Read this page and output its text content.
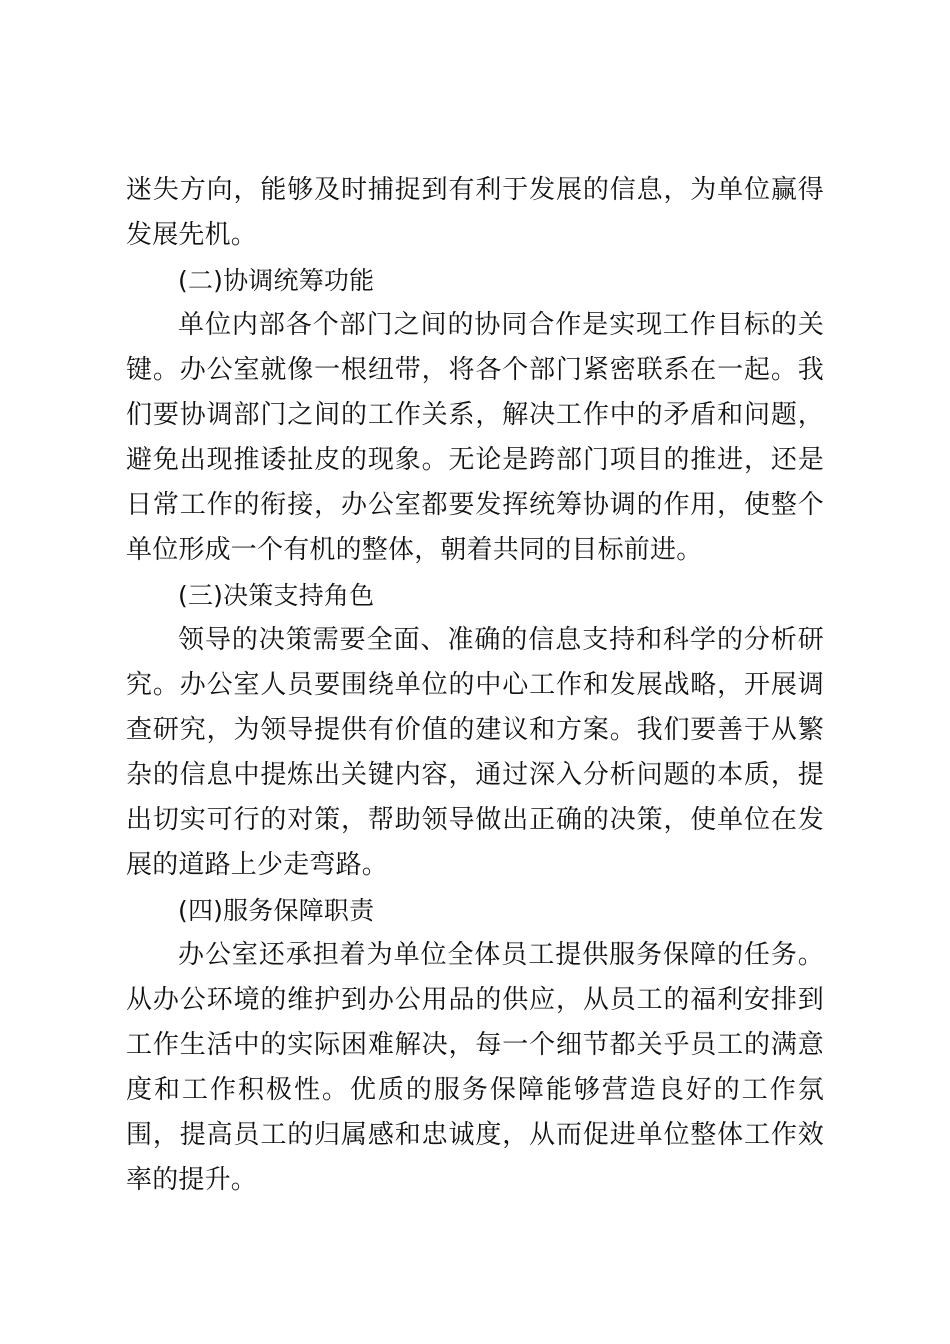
迷失方向，能够及时捕捉到有利于发展的信息，为单位赢得发展先机。

(二)协调统筹功能

单位内部各个部门之间的协同合作是实现工作目标的关键。办公室就像一根纽带，将各个部门紧密联系在一起。我们要协调部门之间的工作关系，解决工作中的矛盾和问题，避免出现推诿扯皮的现象。无论是跨部门项目的推进，还是日常工作的衔接，办公室都要发挥统筹协调的作用，使整个单位形成一个有机的整体，朝着共同的目标前进。

(三)决策支持角色

领导的决策需要全面、准确的信息支持和科学的分析研究。办公室人员要围绕单位的中心工作和发展战略，开展调查研究，为领导提供有价值的建议和方案。我们要善于从繁杂的信息中提炼出关键内容，通过深入分析问题的本质，提出切实可行的对策，帮助领导做出正确的决策，使单位在发展的道路上少走弯路。

(四)服务保障职责

办公室还承担着为单位全体员工提供服务保障的任务。从办公环境的维护到办公用品的供应，从员工的福利安排到工作生活中的实际困难解决，每一个细节都关乎员工的满意度和工作积极性。优质的服务保障能够营造良好的工作氛围，提高员工的归属感和忠诚度，从而促进单位整体工作效率的提升。
